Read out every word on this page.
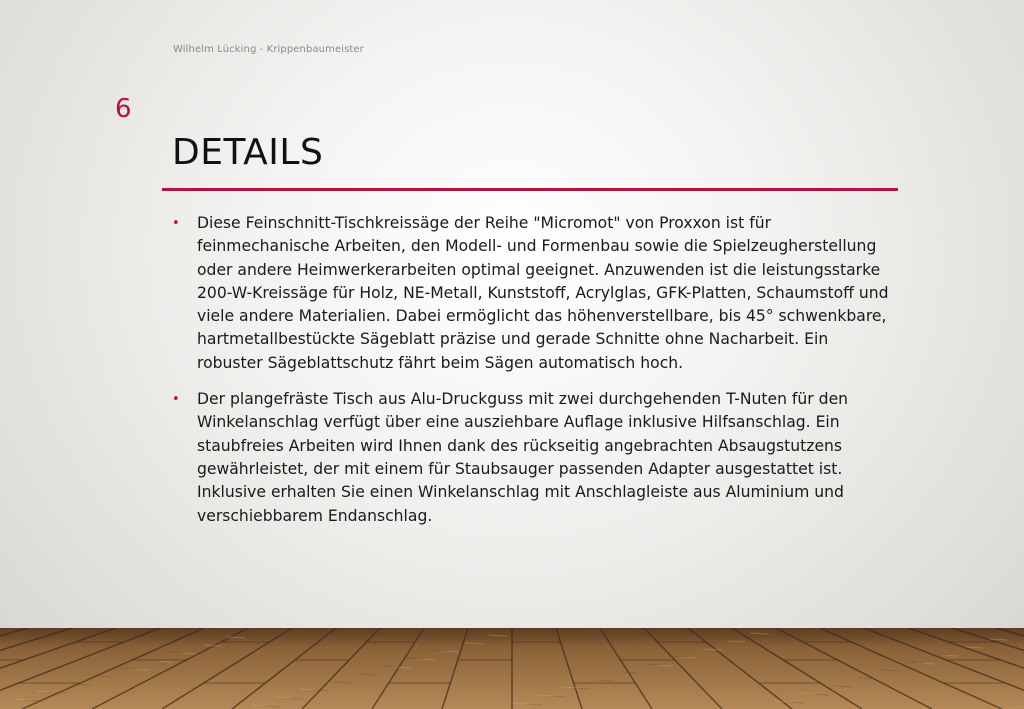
Wilhelm Lücking - Krippenbaumeister
6
DETAILS
• Diese Feinschnitt-Tischkreissäge der Reihe "Micromot" von Proxxon ist für feinmechanische Arbeiten, den Modell- und Formenbau sowie die Spielzeugherstellung oder andere Heimwerkerarbeiten optimal geeignet. Anzuwenden ist die leistungsstarke 200-W-Kreissäge für Holz, NE-Metall, Kunststoff, Acrylglas, GFK-Platten, Schaumstoff und viele andere Materialien. Dabei ermöglicht das höhenverstellbare, bis 45° schwenkbare, hartmetallbestückte Sägeblatt präzise und gerade Schnitte ohne Nacharbeit. Ein robuster Sägeblattschutz fährt beim Sägen automatisch hoch.
• Der plangefräste Tisch aus Alu-Druckguss mit zwei durchgehenden T-Nuten für den Winkelanschlag verfügt über eine ausziehbare Auflage inklusive Hilfsanschlag. Ein staubfreies Arbeiten wird Ihnen dank des rückseitig angebrachten Absaugstutzens gewährleistet, der mit einem für Staubsauger passenden Adapter ausgestattet ist. Inklusive erhalten Sie einen Winkelanschlag mit Anschlagleiste aus Aluminium und verschiebbarem Endanschlag.
